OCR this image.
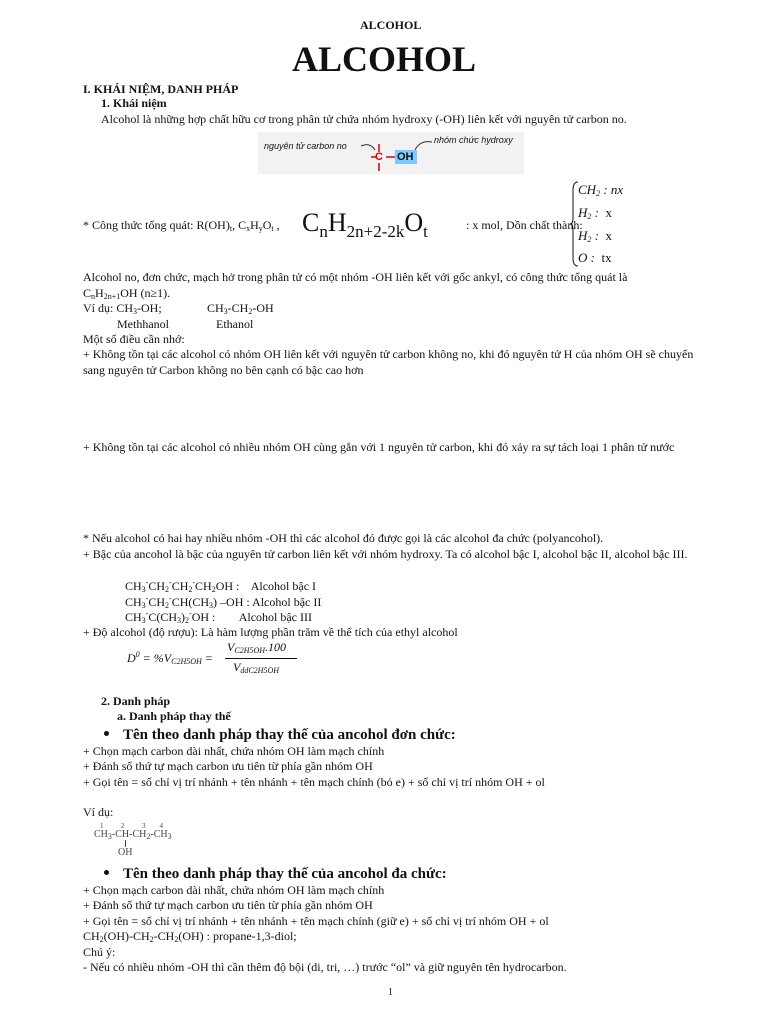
ALCOHOL
ALCOHOL
I. KHÁI NIỆM, DANH PHÁP
1. Khái niệm
Alcohol là những hợp chất hữu cơ trong phân tử chứa nhóm hydroxy (-OH) liên kết với nguyên tử carbon no.
nguyên tử carbon no
C OH
nhóm chức hydroxy
* Công thức tổng quát: $R(OH)_t$, $C_xH_yO_t$ , $C_nH_{2n+2-2k}O_t$	: x mol, Dồn chất thành:
$CH_2$ : nx
$H_2$ :  x
$H_2$ :  x
O :  tx
Alcohol no, đơn chức, mạch hở trong phân tử có một nhóm -OH liên kết với gốc ankyl, có công thức tổng quát là
$C_nH_{2n+1}OH$ (n≥1).
Ví dụ: $CH_3-OH$;	$CH_3-CH_2-OH$
Methhanol	Ethanol
Một số điều cần nhớ:
+ Không tồn tại các alcohol có nhóm OH liên kết với nguyên tử carbon không no, khi đó nguyên tử H của nhóm OH sẽ chuyển sang nguyên tử Carbon không no bên cạnh có bậc cao hơn
+ Không tồn tại các alcohol có nhiều nhóm OH cùng gắn với 1 nguyên tử carbon, khi đó xảy ra sự tách loại 1 phân tử nước
* Nếu alcohol có hai hay nhiều nhóm -OH thì các alcohol đó được gọi là các alcohol đa chức (polyancohol).
+ Bậc của ancohol là bậc của nguyên tử carbon liên kết với nhóm hydroxy. Ta có alcohol bậc I, alcohol bậc II, alcohol bậc III.
$CH_3^-CH_2^-CH_2^-CH_2OH$ :    Alcohol bậc I
$CH_3^-CH_2^-CH(CH_3)$ –OH : Alcohol bậc II
$CH_3^-C(CH_3)_2^-OH$ :        Alcohol bậc III
+ Độ alcohol (độ rượu): Là hàm lượng phần trăm về thể tích của ethyl alcohol
$D^0 = \%V_{C2H5OH}$ =
$V_{C2H5OH}.100$
$V_{ddC2H5OH}$
2. Danh pháp
a. Danh pháp thay thế
Tên theo danh pháp thay thế của ancohol đơn chức:
+ Chọn mạch carbon dài nhất, chứa nhóm OH làm mạch chính
+ Đánh số thứ tự mạch carbon ưu tiên từ phía gần nhóm OH
+ Gọi tên = số chỉ vị trí nhánh + tên nhánh + tên mạch chính (bỏ e) + số chỉ vị trí nhóm OH + ol
Ví dụ:
1          2          3        4
$CH_3-CH-CH_2-CH_3$
OH
Tên theo danh pháp thay thế của ancohol đa chức:
+ Chọn mạch carbon dài nhất, chứa nhóm OH làm mạch chính
+ Đánh số thứ tự mạch carbon ưu tiên từ phía gần nhóm OH
+ Gọi tên = số chỉ vị trí nhánh + tên nhánh + tên mạch chính (giữ e) + số chỉ vị trí nhóm OH + ol
$CH_2(OH)-CH_2-CH_2(OH)$ : propane-1,3-diol;
Chú ý:
- Nếu có nhiều nhóm -OH thì cần thêm độ bội (di, tri, …) trước “ol” và giữ nguyên tên hydrocarbon.
1
